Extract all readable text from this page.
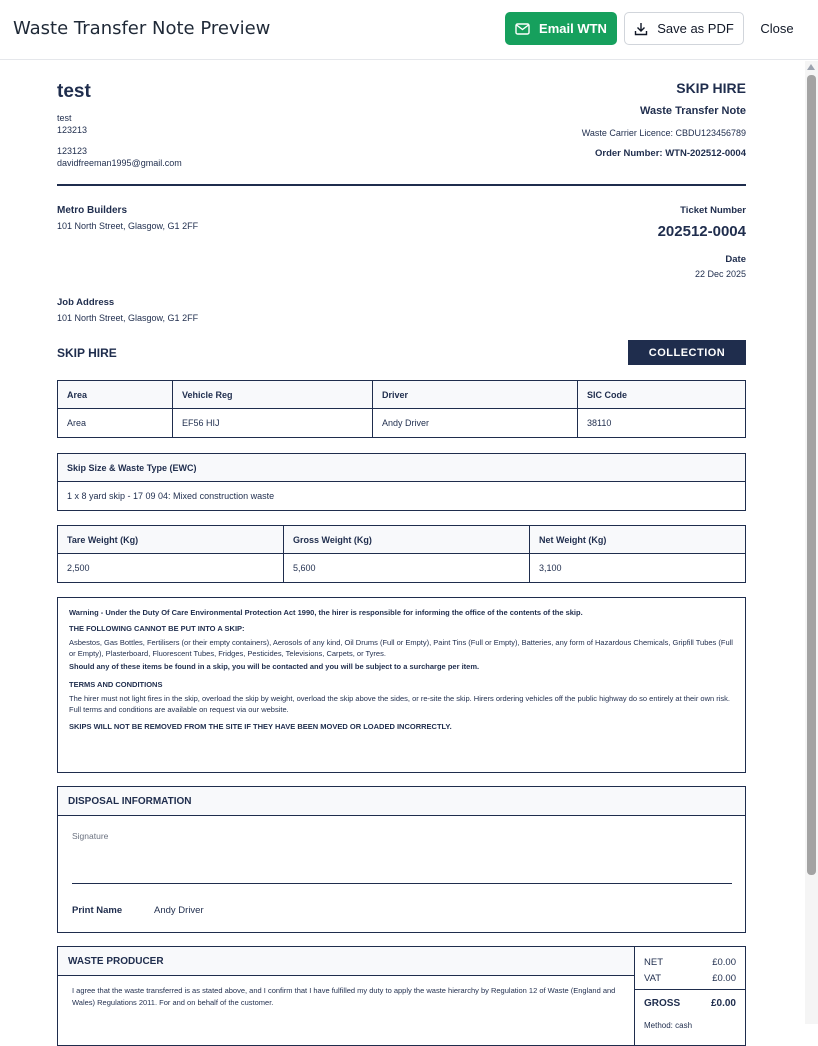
Waste Transfer Note Preview	Email WTN	Save as PDF	Close
test
test
123213
123123
davidfreeman1995@gmail.com
SKIP HIRE
Waste Transfer Note
Waste Carrier Licence: CBDU123456789
Order Number: WTN-202512-0004
Metro Builders
101 North Street, Glasgow, G1 2FF
Ticket Number
202512-0004
Date
22 Dec 2025
Job Address
101 North Street, Glasgow, G1 2FF
SKIP HIRE	COLLECTION
Area	Vehicle Reg	Driver	SIC Code
Area	EF56 HIJ	Andy Driver	38110
Skip Size & Waste Type (EWC)
1 x 8 yard skip - 17 09 04: Mixed construction waste
Tare Weight (Kg)	Gross Weight (Kg)	Net Weight (Kg)
2,500	5,600	3,100

Warning - Under the Duty Of Care Environmental Protection Act 1990, the hirer is responsible for informing the office of the contents of the skip.

THE FOLLOWING CANNOT BE PUT INTO A SKIP:

Asbestos, Gas Bottles, Fertilisers (or their empty containers), Aerosols of any kind, Oil Drums (Full or Empty), Paint Tins (Full or Empty), Batteries, any form of Hazardous Chemicals, Gripfill Tubes (Full or Empty), Plasterboard, Fluorescent Tubes, Fridges, Pesticides, Televisions, Carpets, or Tyres.

Should any of these items be found in a skip, you will be contacted and you will be subject to a surcharge per item.

TERMS AND CONDITIONS

The hirer must not light fires in the skip, overload the skip by weight, overload the skip above the sides, or re-site the skip. Hirers ordering vehicles off the public highway do so entirely at their own risk. Full terms and conditions are available on request via our website.

SKIPS WILL NOT BE REMOVED FROM THE SITE IF THEY HAVE BEEN MOVED OR LOADED INCORRECTLY.

DISPOSAL INFORMATION
Signature
Print Name	Andy Driver
WASTE PRODUCER

I agree that the waste transferred is as stated above, and I confirm that I have fulfilled my duty to apply the waste hierarchy by Regulation 12 of Waste (England and Wales) Regulations 2011. For and on behalf of the customer.

NET	£0.00
VAT	£0.00
GROSS	£0.00
Method: cash
